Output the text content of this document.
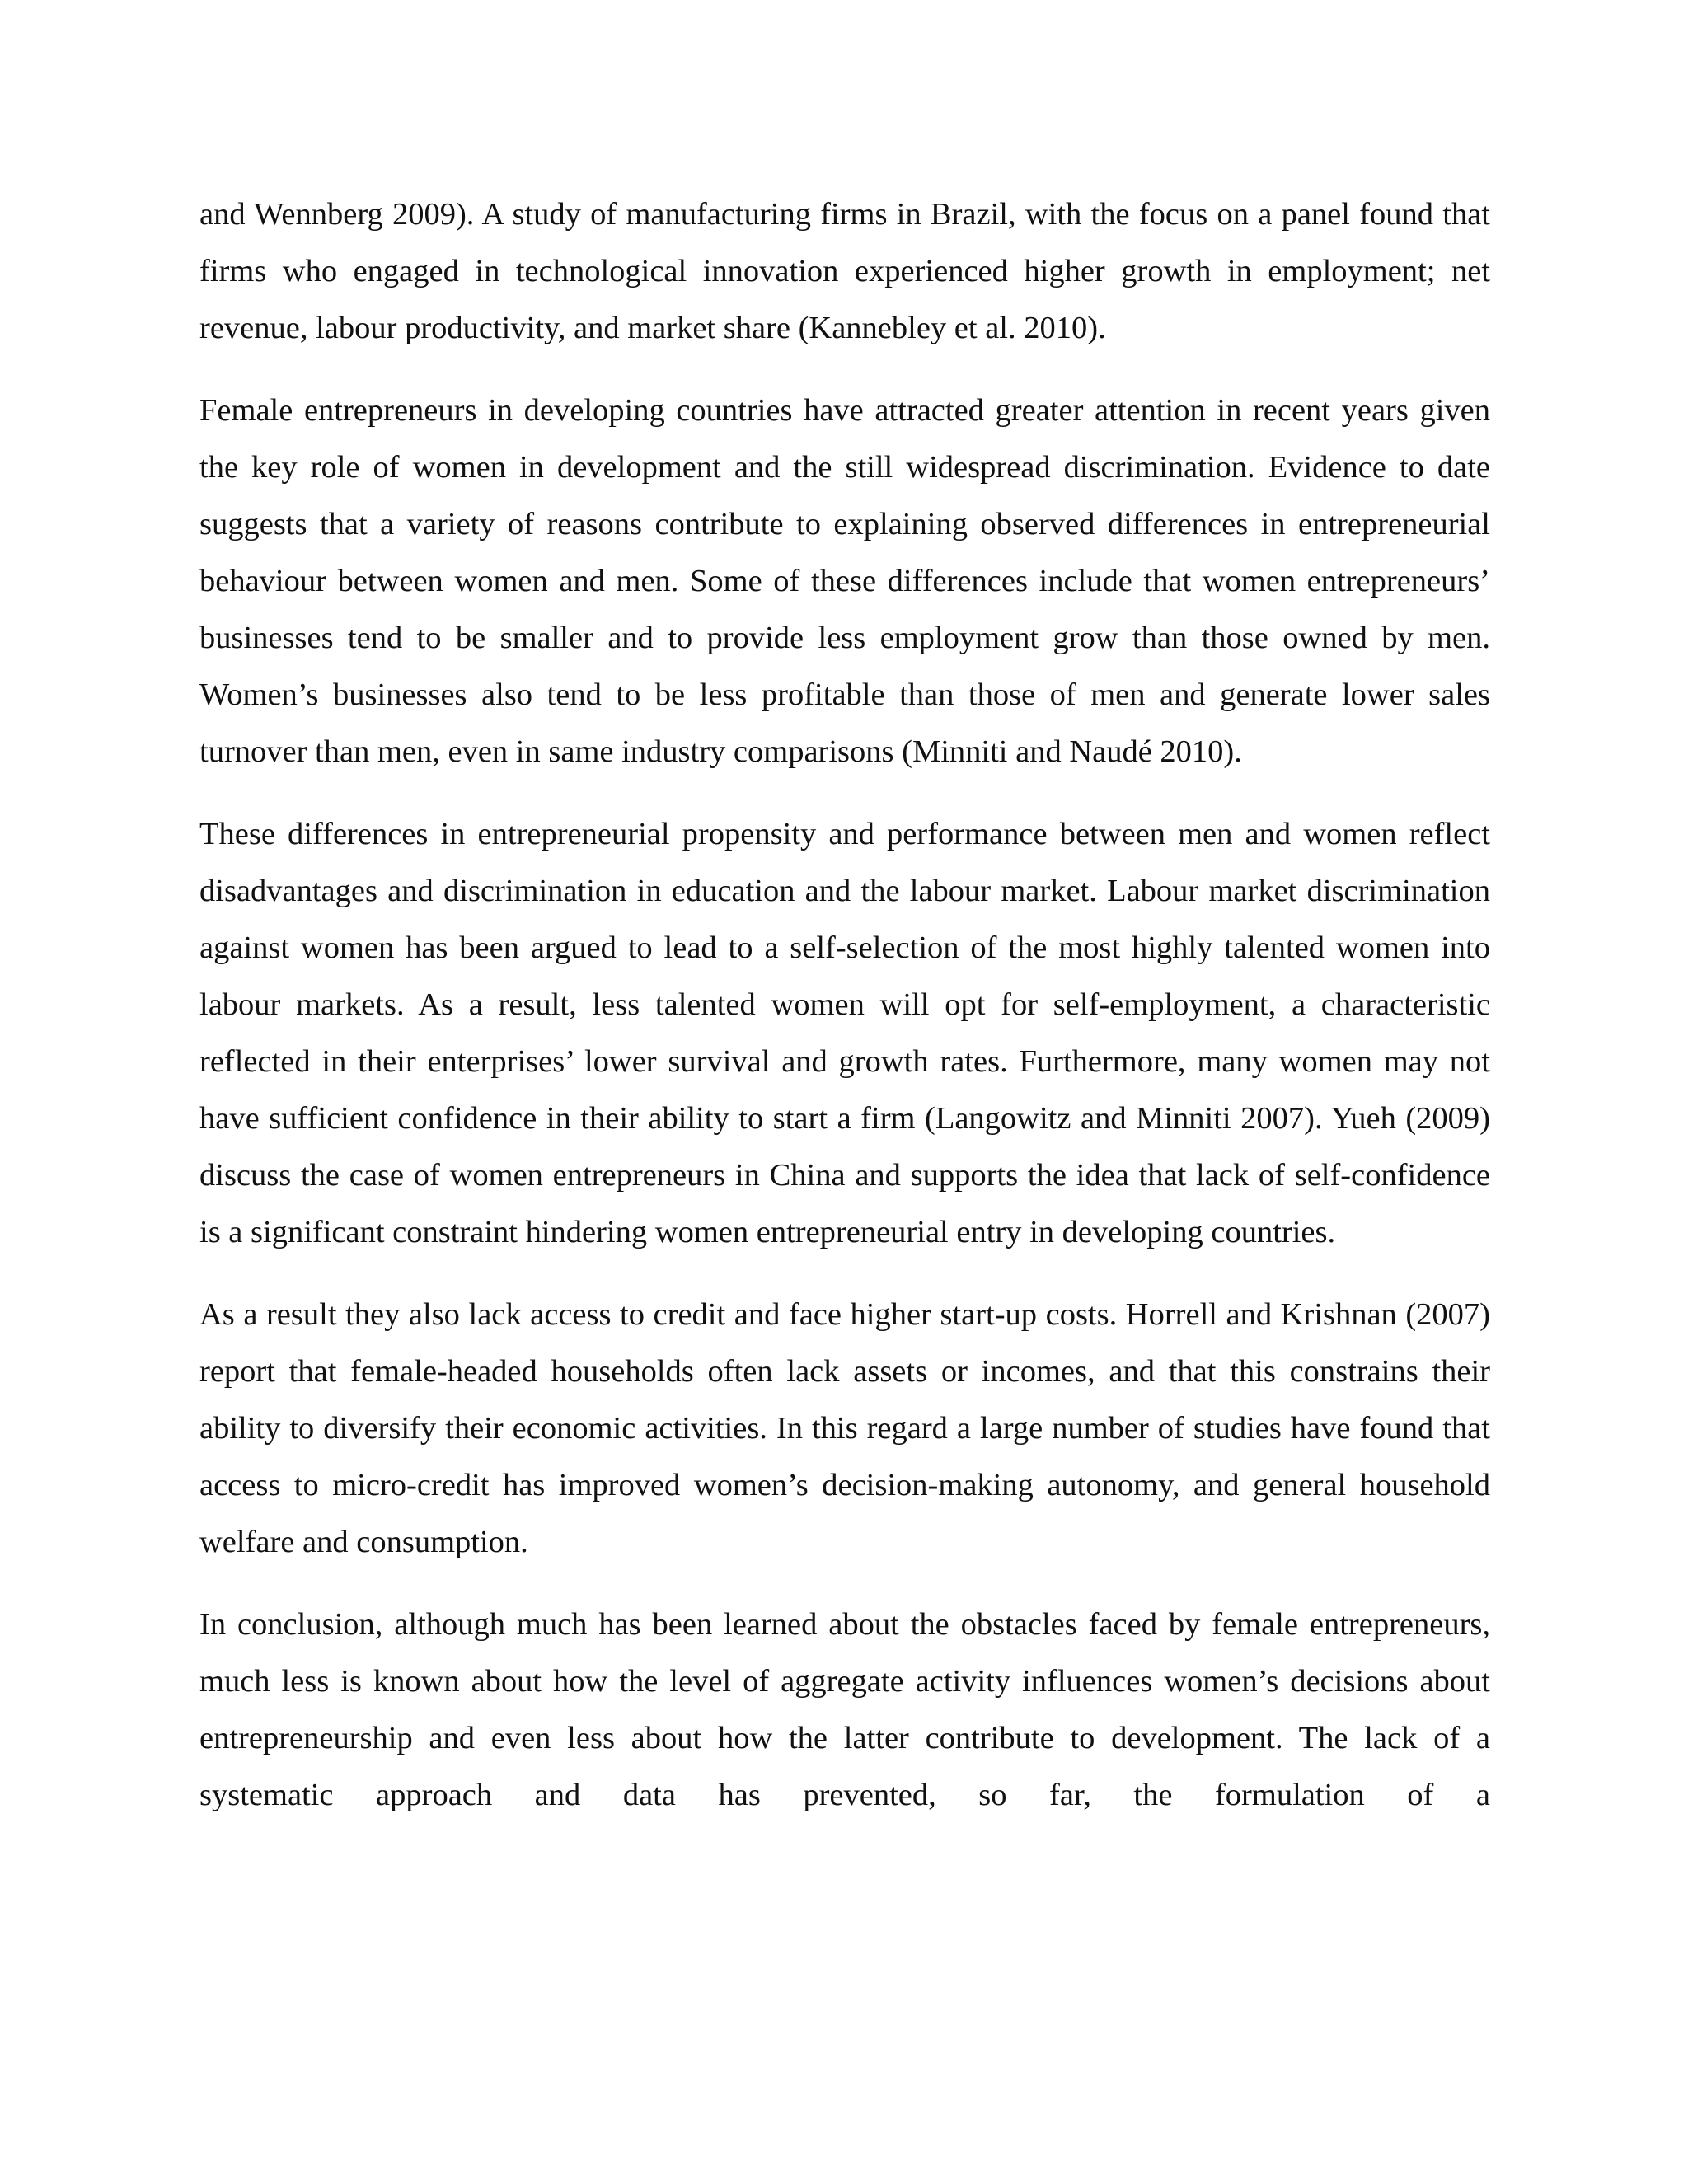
and Wennberg 2009). A study of manufacturing firms in Brazil, with the focus on a panel found that firms who engaged in technological innovation experienced higher growth in employment; net revenue, labour productivity, and market share (Kannebley et al. 2010).

Female entrepreneurs in developing countries have attracted greater attention in recent years given the key role of women in development and the still widespread discrimination. Evidence to date suggests that a variety of reasons contribute to explaining observed differences in entrepreneurial behaviour between women and men. Some of these differences include that women entrepreneurs’ businesses tend to be smaller and to provide less employment grow than those owned by men. Women’s businesses also tend to be less profitable than those of men and generate lower sales turnover than men, even in same industry comparisons (Minniti and Naudé 2010).

These differences in entrepreneurial propensity and performance between men and women reflect disadvantages and discrimination in education and the labour market. Labour market discrimination against women has been argued to lead to a self-selection of the most highly talented women into labour markets. As a result, less talented women will opt for self-employment, a characteristic reflected in their enterprises’ lower survival and growth rates. Furthermore, many women may not have sufficient confidence in their ability to start a firm (Langowitz and Minniti 2007). Yueh (2009) discuss the case of women entrepreneurs in China and supports the idea that lack of self-confidence is a significant constraint hindering women entrepreneurial entry in developing countries.

As a result they also lack access to credit and face higher start-up costs. Horrell and Krishnan (2007) report that female-headed households often lack assets or incomes, and that this constrains their ability to diversify their economic activities. In this regard a large number of studies have found that access to micro-credit has improved women’s decision-making autonomy, and general household welfare and consumption.

In conclusion, although much has been learned about the obstacles faced by female entrepreneurs, much less is known about how the level of aggregate activity influences women’s decisions about entrepreneurship and even less about how the latter contribute to development. The lack of a systematic approach and data has prevented, so far, the formulation of a
